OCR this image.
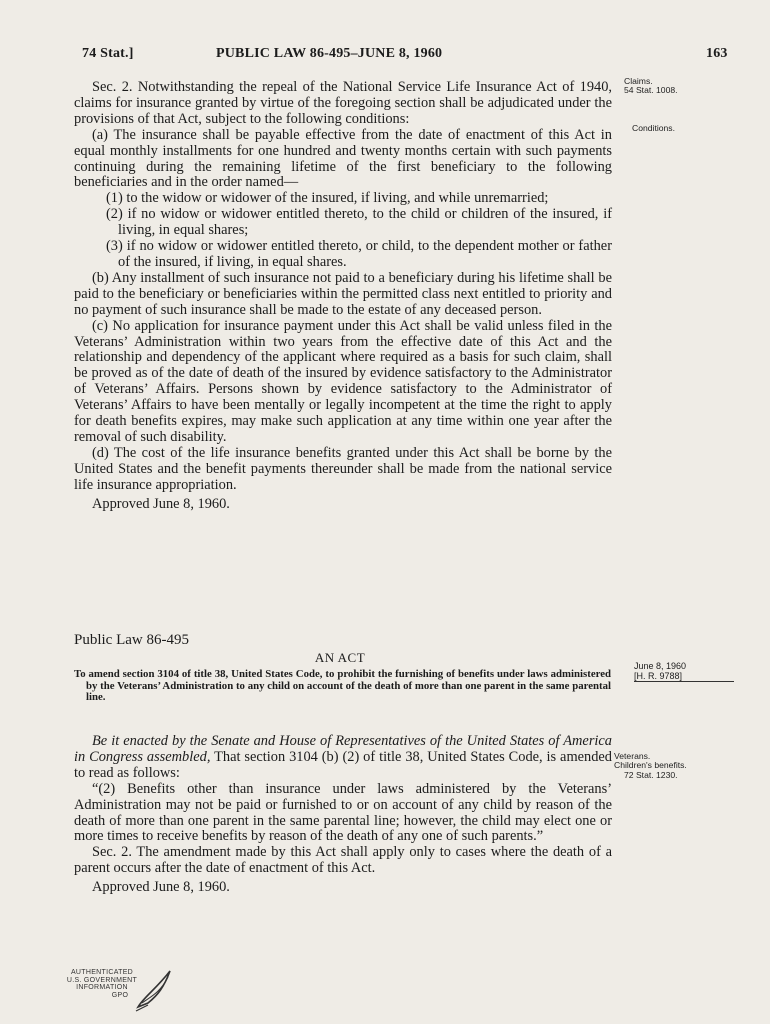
74 Stat.]	PUBLIC LAW 86-495–JUNE 8, 1960	163

Sec. 2. Notwithstanding the repeal of the National Service Life Insurance Act of 1940, claims for insurance granted by virtue of the foregoing section shall be adjudicated under the provisions of that Act, subject to the following conditions:

(a) The insurance shall be payable effective from the date of enactment of this Act in equal monthly installments for one hundred and twenty months certain with such payments continuing during the remaining lifetime of the first beneficiary to the following beneficiaries and in the order named—

(1) to the widow or widower of the insured, if living, and while unremarried;

(2) if no widow or widower entitled thereto, to the child or children of the insured, if living, in equal shares;

(3) if no widow or widower entitled thereto, or child, to the dependent mother or father of the insured, if living, in equal shares.

(b) Any installment of such insurance not paid to a beneficiary during his lifetime shall be paid to the beneficiary or beneficiaries within the permitted class next entitled to priority and no payment of such insurance shall be made to the estate of any deceased person.

(c) No application for insurance payment under this Act shall be valid unless filed in the Veterans’ Administration within two years from the effective date of this Act and the relationship and dependency of the applicant where required as a basis for such claim, shall be proved as of the date of death of the insured by evidence satisfactory to the Administrator of Veterans’ Affairs. Persons shown by evidence satisfactory to the Administrator of Veterans’ Affairs to have been mentally or legally incompetent at the time the right to apply for death benefits expires, may make such application at any time within one year after the removal of such disability.

(d) The cost of the life insurance benefits granted under this Act shall be borne by the United States and the benefit payments thereunder shall be made from the national service life insurance appropriation.

Approved June 8, 1960.

Claims.
54 Stat. 1008.
Conditions.
Public Law 86-495
AN ACT
To amend section 3104 of title 38, United States Code, to prohibit the furnishing of benefits under laws administered by the Veterans’ Administration to any child on account of the death of more than one parent in the same parental line.
June 8, 1960
[H. R. 9788]

Be it enacted by the Senate and House of Representatives of the United States of America in Congress assembled, That section 3104 (b) (2) of title 38, United States Code, is amended to read as follows:

“(2) Benefits other than insurance under laws administered by the Veterans’ Administration may not be paid or furnished to or on account of any child by reason of the death of more than one parent in the same parental line; however, the child may elect one or more times to receive benefits by reason of the death of any one of such parents.”

Sec. 2. The amendment made by this Act shall apply only to cases where the death of a parent occurs after the date of enactment of this Act.

Approved June 8, 1960.

Veterans.
Children's benefits.
72 Stat. 1230.
AUTHENTICATED
U.S. GOVERNMENT
INFORMATION
GPO
